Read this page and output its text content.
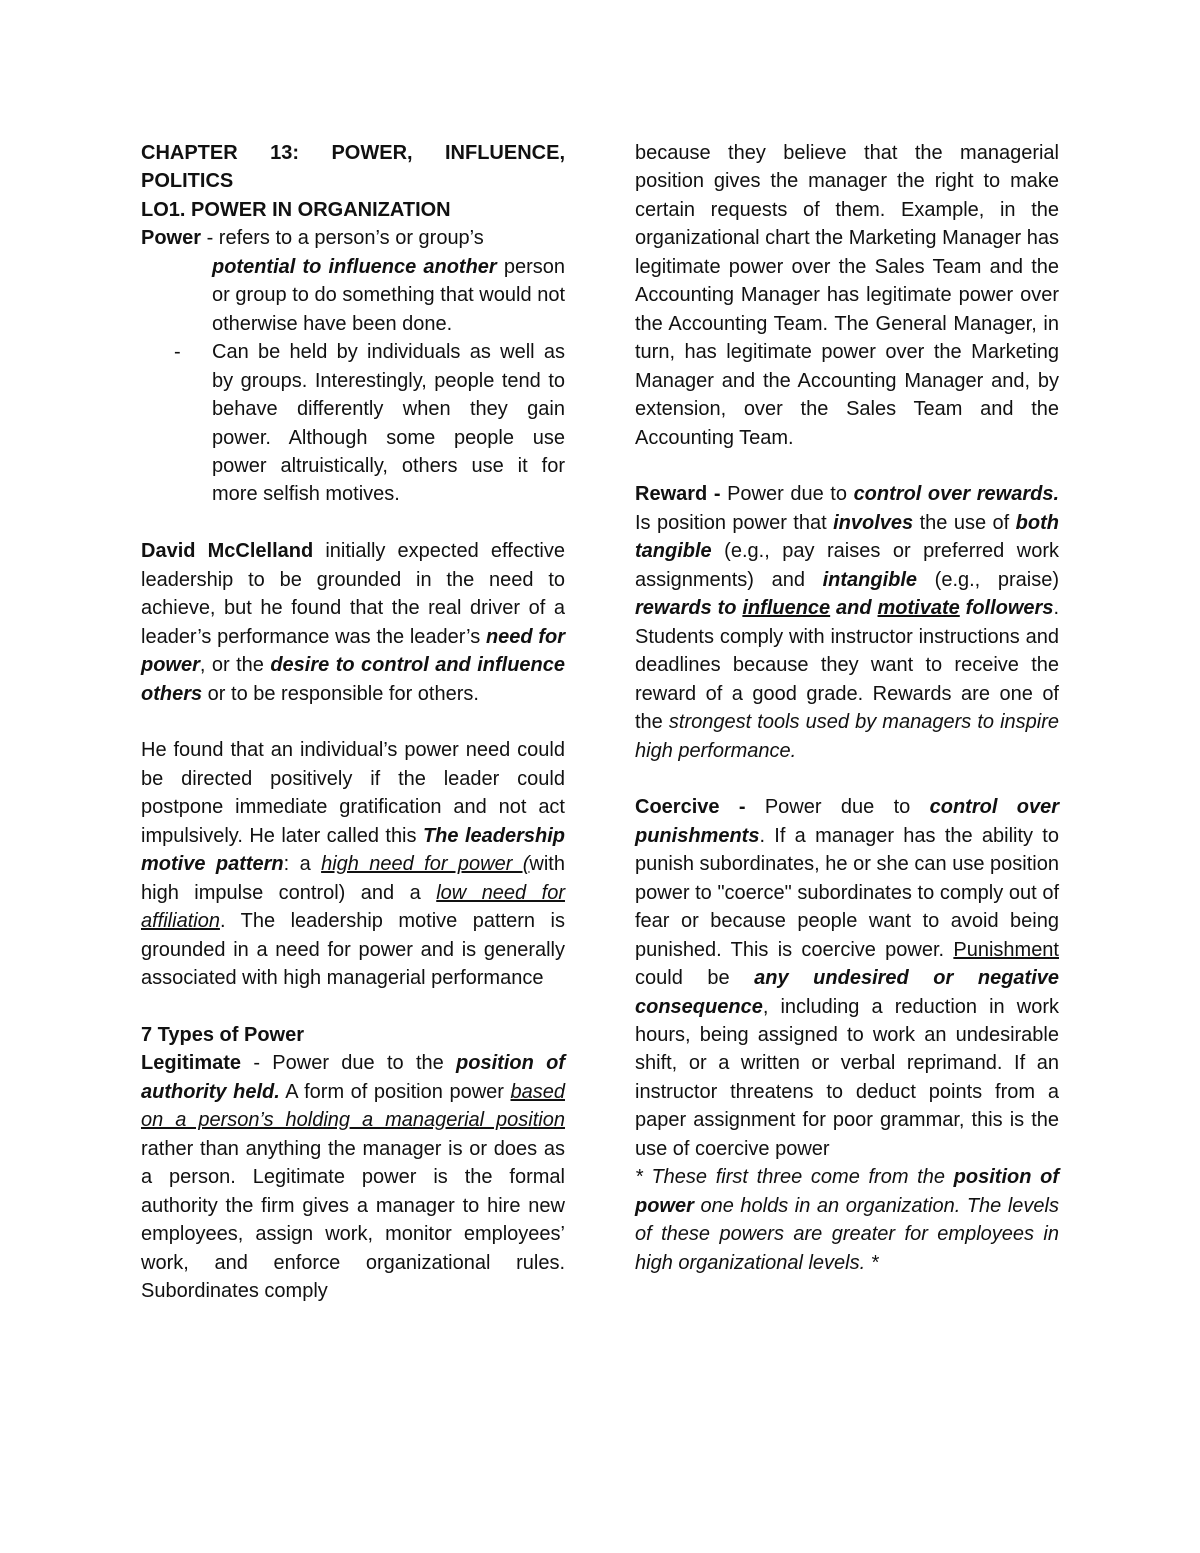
CHAPTER 13: POWER, INFLUENCE, POLITICS

LO1. POWER IN ORGANIZATION

Power - refers to a person’s or group’s

potential to influence another person or group to do something that would not otherwise have been done.

- Can be held by individuals as well as by groups. Interestingly, people tend to behave differently when they gain power. Although some people use power altruistically, others use it for more selfish motives.

David McClelland initially expected effective leadership to be grounded in the need to achieve, but he found that the real driver of a leader’s performance was the leader’s need for power, or the desire to control and influence others or to be responsible for others.

He found that an individual’s power need could be directed positively if the leader could postpone immediate gratification and not act impulsively. He later called this The leadership motive pattern: a high need for power (with high impulse control) and a low need for affiliation. The leadership motive pattern is grounded in a need for power and is generally associated with high managerial performance

7 Types of Power

Legitimate - Power due to the position of authority held. A form of position power based on a person’s holding a managerial position rather than anything the manager is or does as a person. Legitimate power is the formal authority the firm gives a manager to hire new employees, assign work, monitor employees’ work, and enforce organizational rules. Subordinates comply

because they believe that the managerial position gives the manager the right to make certain requests of them. Example, in the organizational chart the Marketing Manager has legitimate power over the Sales Team and the Accounting Manager has legitimate power over the Accounting Team. The General Manager, in turn, has legitimate power over the Marketing Manager and the Accounting Manager and, by extension, over the Sales Team and the Accounting Team.

Reward - Power due to control over rewards. Is position power that involves the use of both tangible (e.g., pay raises or preferred work assignments) and intangible (e.g., praise) rewards to influence and motivate followers. Students comply with instructor instructions and deadlines because they want to receive the reward of a good grade. Rewards are one of the strongest tools used by managers to inspire high performance.

Coercive - Power due to control over punishments. If a manager has the ability to punish subordinates, he or she can use position power to "coerce" subordinates to comply out of fear or because people want to avoid being punished. This is coercive power. Punishment could be any undesired or negative consequence, including a reduction in work hours, being assigned to work an undesirable shift, or a written or verbal reprimand. If an instructor threatens to deduct points from a paper assignment for poor grammar, this is the use of coercive power

* These first three come from the position of power one holds in an organization. The levels of these powers are greater for employees in high organizational levels. *
